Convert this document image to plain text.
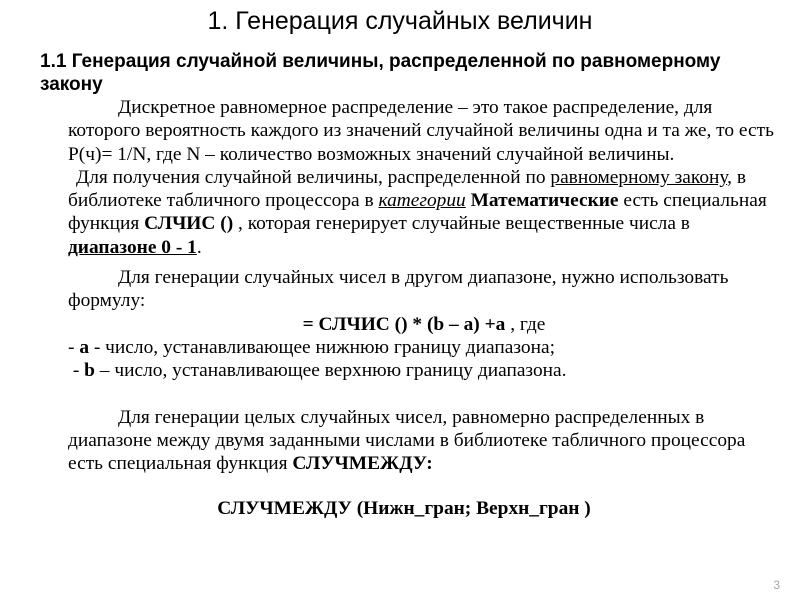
1. Генерация случайных величин
1.1 Генерация случайной величины, распределенной по равномерному закону

Дискретное равномерное распределение – это такое распределение, для которого вероятность каждого из значений случайной величины одна и та же, то есть P(ч)= 1/N, где N – количество возможных значений случайной величины.

Для получения случайной величины, распределенной по равномерному закону, в библиотеке табличного процессора в категории Математические есть специальная функция СЛЧИС () , которая генерирует случайные вещественные числа в диапазоне 0 - 1.

Для генерации случайных чисел в другом диапазоне, нужно использовать формулу:

= СЛЧИС () * (b – a) +a , где

- a - число, устанавливающее нижнюю границу диапазона;

- b – число, устанавливающее верхнюю границу диапазона.

Для генерации целых случайных чисел, равномерно распределенных в диапазоне между двумя заданными числами в библиотеке табличного процессора есть специальная функция СЛУЧМЕЖДУ:

СЛУЧМЕЖДУ (Нижн_гран; Верхн_гран )

3
